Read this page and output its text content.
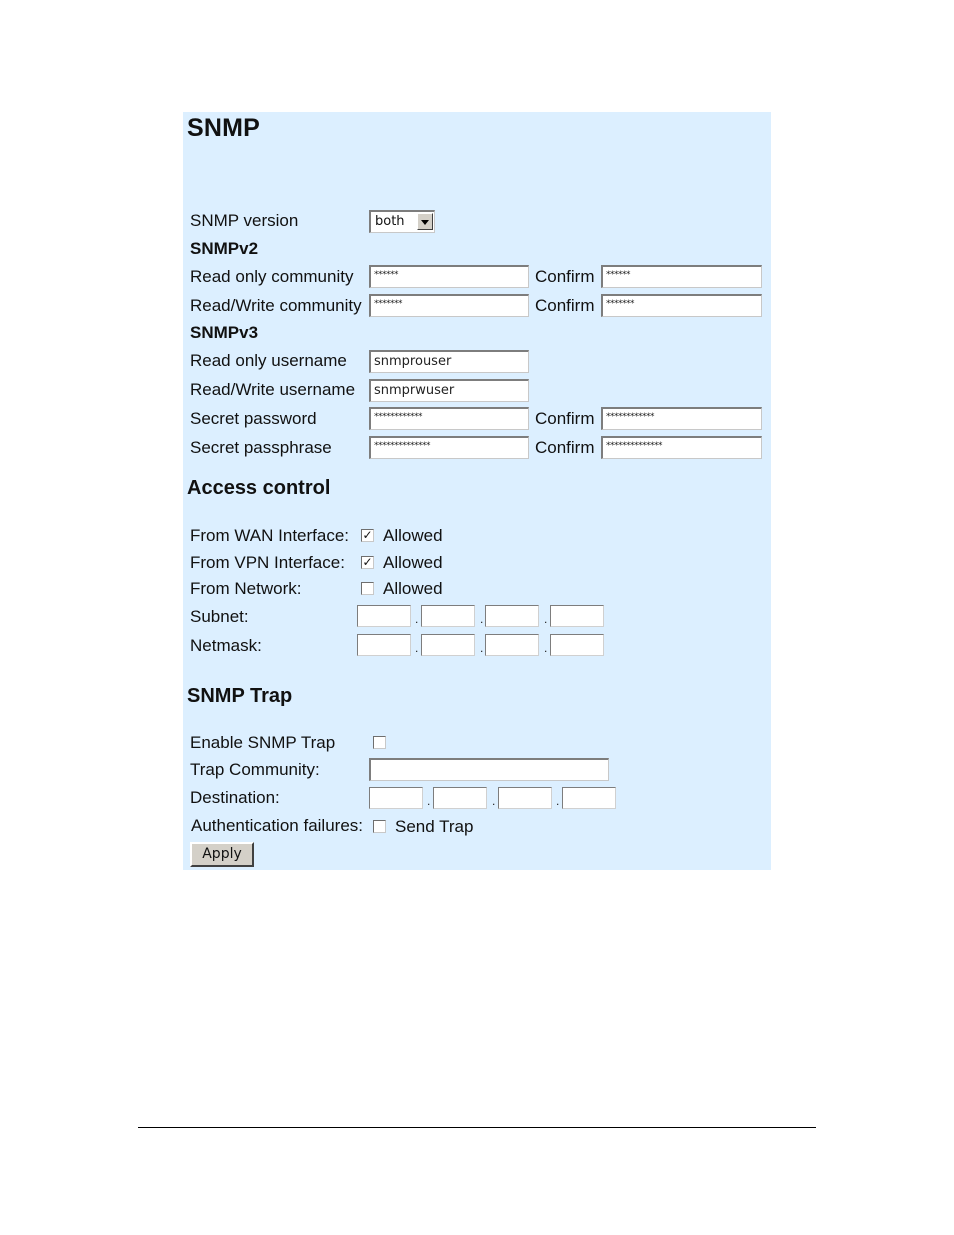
SNMP
SNMP version	both
SNMPv2
Read only community	******	Confirm	******
Read/Write community	*******	Confirm	*******
SNMPv3
Read only username	snmprouser
Read/Write username	snmprwuser
Secret password	************	Confirm	************
Secret passphrase	**************	Confirm	**************
Access control
From WAN Interface: ✓ Allowed
From VPN Interface: ✓ Allowed
From Network:	Allowed
Subnet:	.	.	.
Netmask:	.	.	.
SNMP Trap
Enable SNMP Trap
Trap Community:
Destination:	.	.	.
Authentication failures: Send Trap
Apply
